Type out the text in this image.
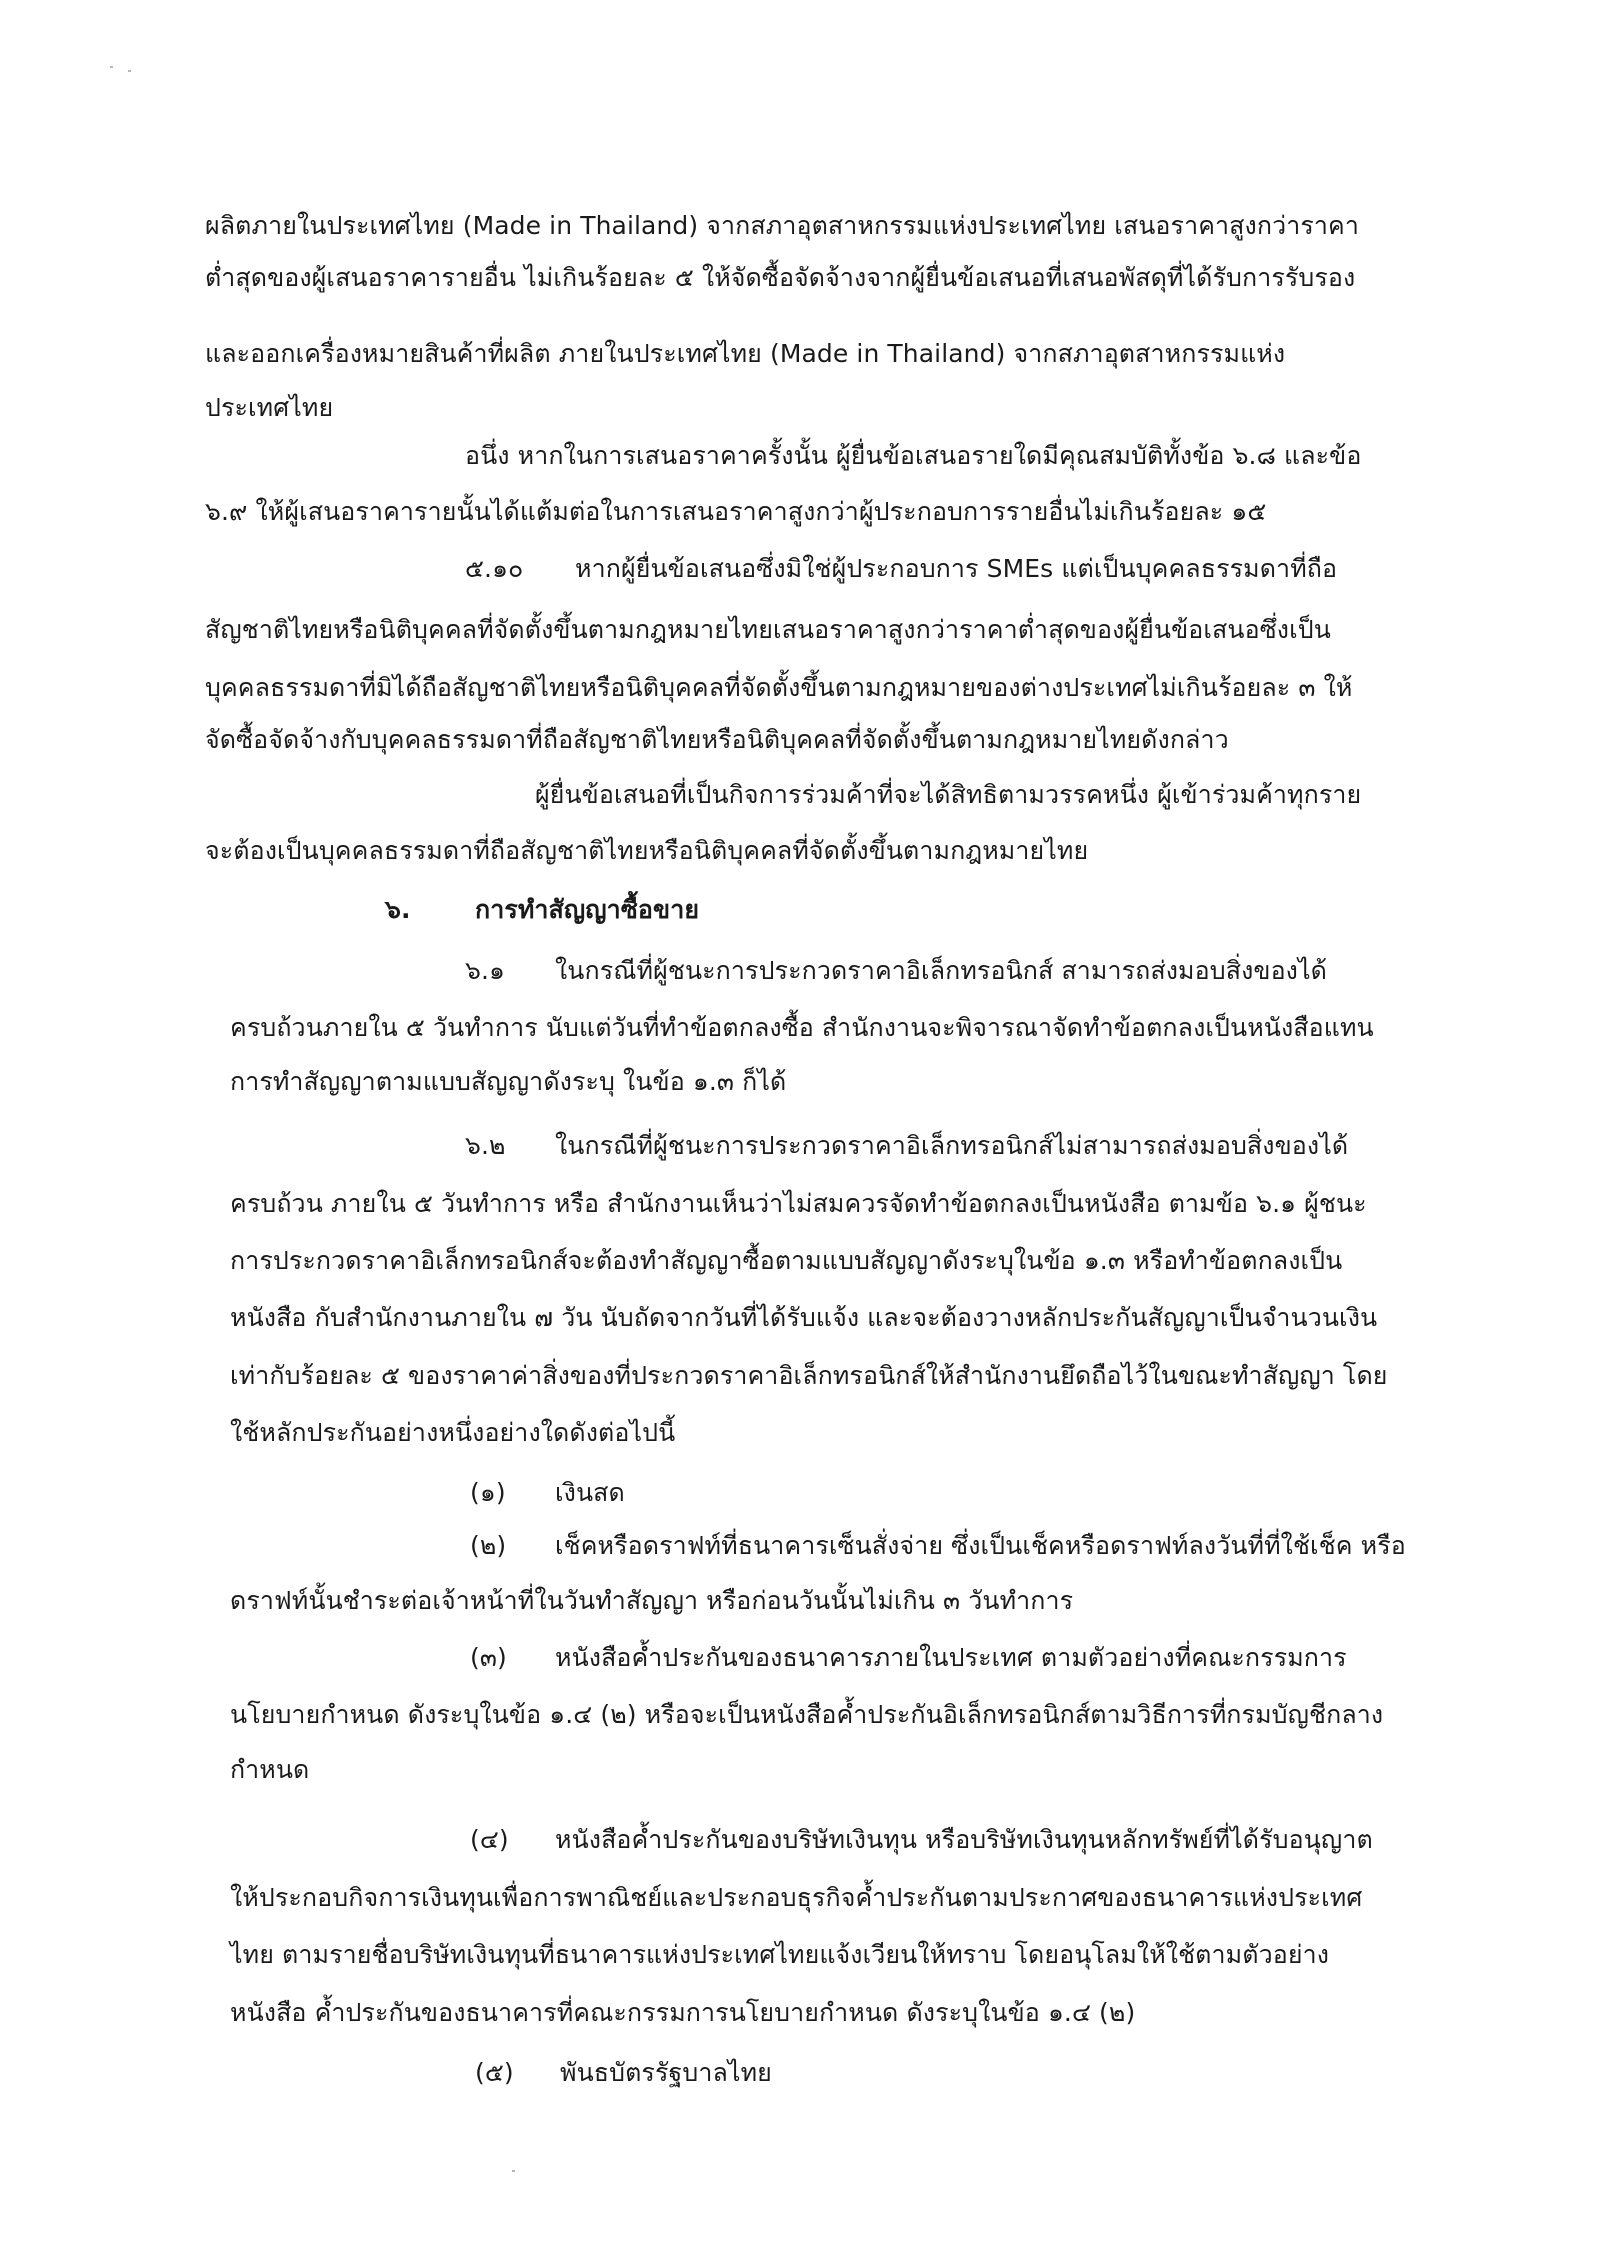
ผลิตภายในประเทศไทย (Made in Thailand) จากสภาอุตสาหกรรมแห่งประเทศไทย เสนอราคาสูงกว่าราคา
ต่ำสุดของผู้เสนอราคารายอื่น ไม่เกินร้อยละ ๕ ให้จัดซื้อจัดจ้างจากผู้ยื่นข้อเสนอที่เสนอพัสดุที่ได้รับการรับรอง
และออกเครื่องหมายสินค้าที่ผลิต ภายในประเทศไทย (Made in Thailand) จากสภาอุตสาหกรรมแห่ง
ประเทศไทย
อนึ่ง หากในการเสนอราคาครั้งนั้น ผู้ยื่นข้อเสนอรายใดมีคุณสมบัติทั้งข้อ ๖.๘ และข้อ
๖.๙ ให้ผู้เสนอราคารายนั้นได้แต้มต่อในการเสนอราคาสูงกว่าผู้ประกอบการรายอื่นไม่เกินร้อยละ ๑๕
๕.๑๐ หากผู้ยื่นข้อเสนอซึ่งมิใช่ผู้ประกอบการ SMEs แต่เป็นบุคคลธรรมดาที่ถือ
สัญชาติไทยหรือนิติบุคคลที่จัดตั้งขึ้นตามกฎหมายไทยเสนอราคาสูงกว่าราคาต่ำสุดของผู้ยื่นข้อเสนอซึ่งเป็น
บุคคลธรรมดาที่มิได้ถือสัญชาติไทยหรือนิติบุคคลที่จัดตั้งขึ้นตามกฎหมายของต่างประเทศไม่เกินร้อยละ ๓ ให้
จัดซื้อจัดจ้างกับบุคคลธรรมดาที่ถือสัญชาติไทยหรือนิติบุคคลที่จัดตั้งขึ้นตามกฎหมายไทยดังกล่าว
ผู้ยื่นข้อเสนอที่เป็นกิจการร่วมค้าที่จะได้สิทธิตามวรรคหนึ่ง ผู้เข้าร่วมค้าทุกราย
จะต้องเป็นบุคคลธรรมดาที่ถือสัญชาติไทยหรือนิติบุคคลที่จัดตั้งขึ้นตามกฎหมายไทย
๖.	การทำสัญญาซื้อขาย
๖.๑ ในกรณีที่ผู้ชนะการประกวดราคาอิเล็กทรอนิกส์ สามารถส่งมอบสิ่งของได้
ครบถ้วนภายใน ๕ วันทำการ นับแต่วันที่ทำข้อตกลงซื้อ สำนักงานจะพิจารณาจัดทำข้อตกลงเป็นหนังสือแทน
การทำสัญญาตามแบบสัญญาดังระบุ ในข้อ ๑.๓ ก็ได้
๖.๒ ในกรณีที่ผู้ชนะการประกวดราคาอิเล็กทรอนิกส์ไม่สามารถส่งมอบสิ่งของได้
ครบถ้วน ภายใน ๕ วันทำการ หรือ สำนักงานเห็นว่าไม่สมควรจัดทำข้อตกลงเป็นหนังสือ ตามข้อ ๖.๑ ผู้ชนะ
การประกวดราคาอิเล็กทรอนิกส์จะต้องทำสัญญาซื้อตามแบบสัญญาดังระบุในข้อ ๑.๓ หรือทำข้อตกลงเป็น
หนังสือ กับสำนักงานภายใน ๗ วัน นับถัดจากวันที่ได้รับแจ้ง และจะต้องวางหลักประกันสัญญาเป็นจำนวนเงิน
เท่ากับร้อยละ ๕ ของราคาค่าสิ่งของที่ประกวดราคาอิเล็กทรอนิกส์ให้สำนักงานยึดถือไว้ในขณะทำสัญญา โดย
ใช้หลักประกันอย่างหนึ่งอย่างใดดังต่อไปนี้
(๑) เงินสด
(๒) เช็คหรือดราฟท์ที่ธนาคารเซ็นสั่งจ่าย ซึ่งเป็นเช็คหรือดราฟท์ลงวันที่ที่ใช้เช็ค หรือ
ดราฟท์นั้นชำระต่อเจ้าหน้าที่ในวันทำสัญญา หรือก่อนวันนั้นไม่เกิน ๓ วันทำการ
(๓) หนังสือค้ำประกันของธนาคารภายในประเทศ ตามตัวอย่างที่คณะกรรมการ
นโยบายกำหนด ดังระบุในข้อ ๑.๔ (๒) หรือจะเป็นหนังสือค้ำประกันอิเล็กทรอนิกส์ตามวิธีการที่กรมบัญชีกลาง
กำหนด
(๔) หนังสือค้ำประกันของบริษัทเงินทุน หรือบริษัทเงินทุนหลักทรัพย์ที่ได้รับอนุญาต
ให้ประกอบกิจการเงินทุนเพื่อการพาณิชย์และประกอบธุรกิจค้ำประกันตามประกาศของธนาคารแห่งประเทศ
ไทย ตามรายชื่อบริษัทเงินทุนที่ธนาคารแห่งประเทศไทยแจ้งเวียนให้ทราบ โดยอนุโลมให้ใช้ตามตัวอย่าง
หนังสือ ค้ำประกันของธนาคารที่คณะกรรมการนโยบายกำหนด ดังระบุในข้อ ๑.๔ (๒)
(๕) พันธบัตรรัฐบาลไทย
